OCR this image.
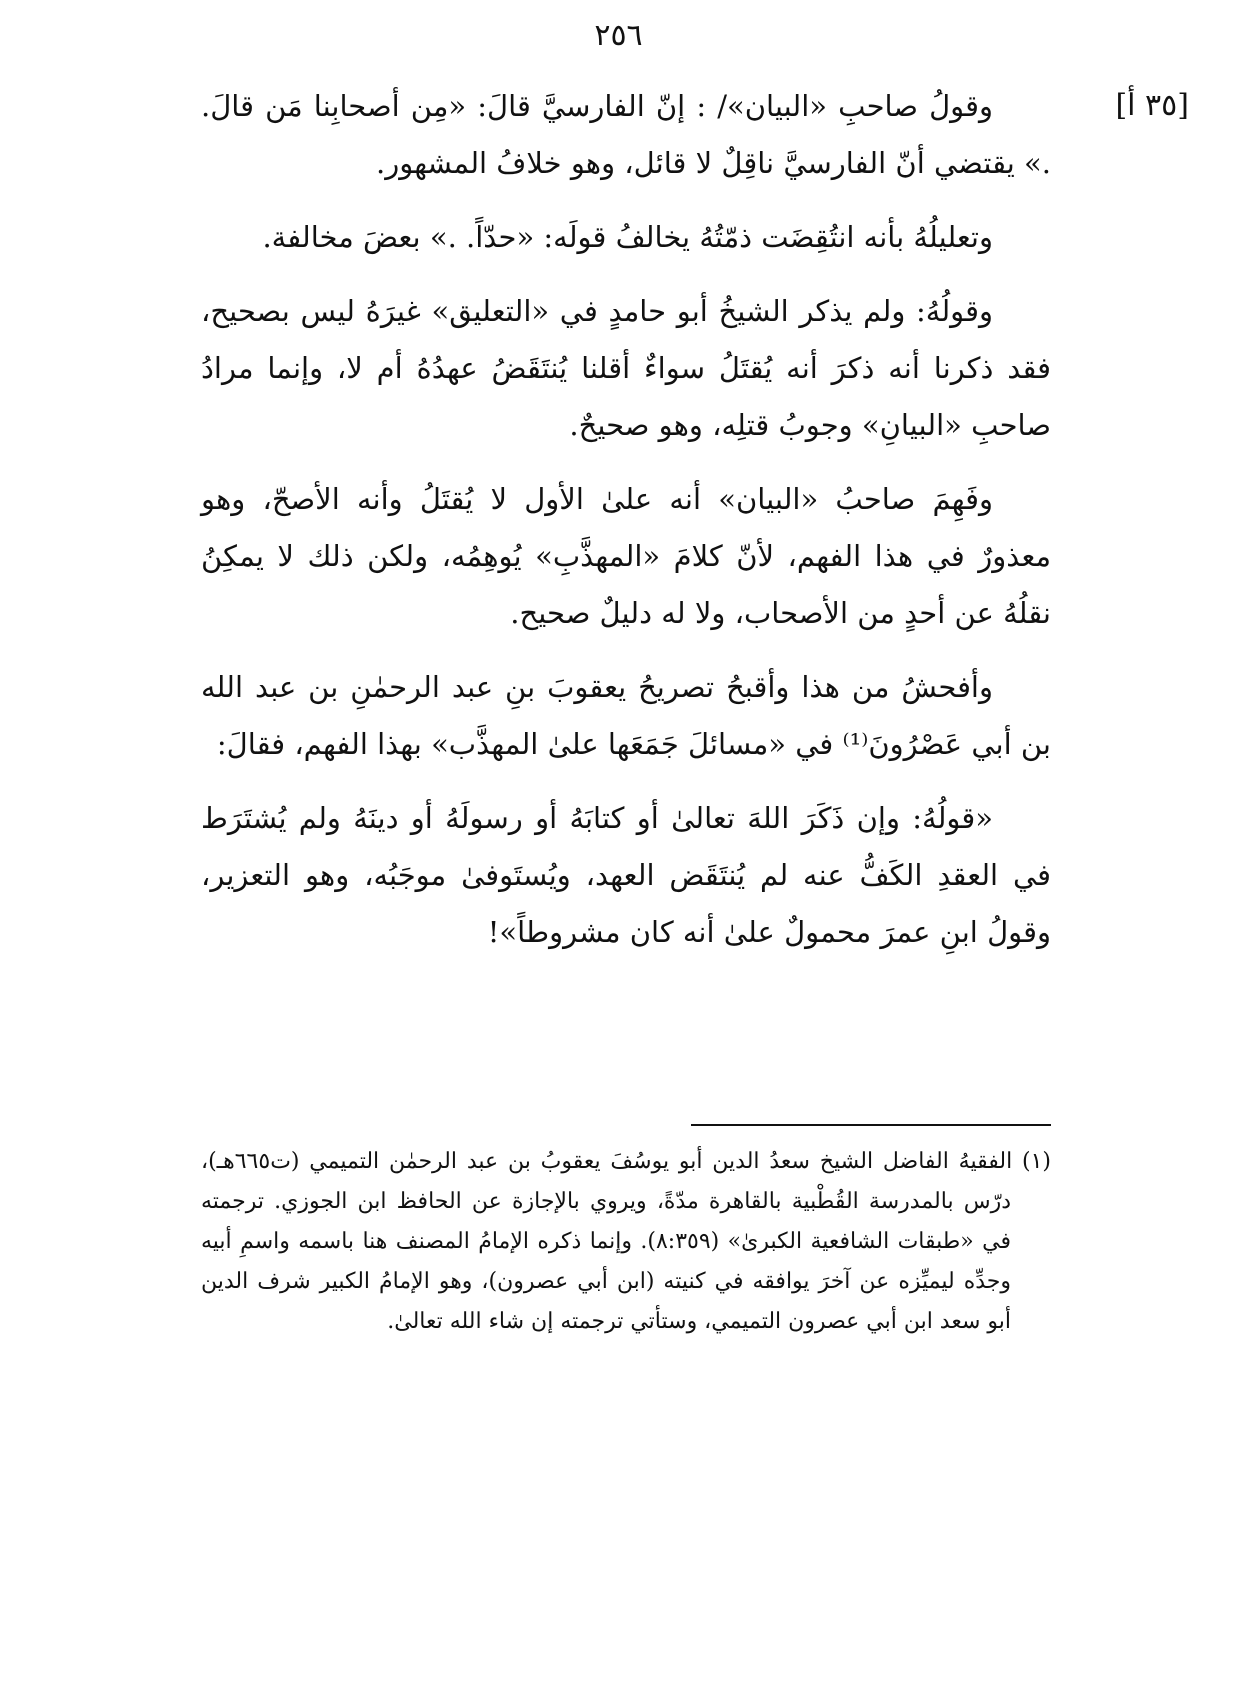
٢٥٦
[٣٥ أ]

وقولُ صاحبِ «البيان»/ : إنّ الفارسيَّ قالَ: «مِن أصحابِنا مَن قالَ. .» يقتضي أنّ الفارسيَّ ناقِلٌ لا قائل، وهو خلافُ المشهور.

وتعليلُهُ بأنه انتُقِضَت ذمّتُهُ يخالفُ قولَه: «حدّاً. .» بعضَ مخالفة.

وقولُهُ: ولم يذكر الشيخُ أبو حامدٍ في «التعليق» غيرَهُ ليس بصحيح، فقد ذكرنا أنه ذكرَ أنه يُقتَلُ سواءٌ أقلنا يُنتَقَضُ عهدُهُ أم لا، وإنما مرادُ صاحبِ «البيانِ» وجوبُ قتلِه، وهو صحيحٌ.

وفَهِمَ صاحبُ «البيان» أنه علىٰ الأول لا يُقتَلُ وأنه الأصحّ، وهو معذورٌ في هذا الفهم، لأنّ كلامَ «المهذَّبِ» يُوهِمُه، ولكن ذلك لا يمكِنُ نقلُهُ عن أحدٍ من الأصحاب، ولا له دليلٌ صحيح.

وأفحشُ من هذا وأقبحُ تصريحُ يعقوبَ بنِ عبد الرحمٰنِ بن عبد الله بن أبي عَصْرُونَ⁽¹⁾ في «مسائلَ جَمَعَها علىٰ المهذَّب» بهذا الفهم، فقالَ:

«قولُهُ: وإن ذَكَرَ اللهَ تعالىٰ أو كتابَهُ أو رسولَهُ أو دينَهُ ولم يُشتَرَط في العقدِ الكَفُّ عنه لم يُنتَقَض العهد، ويُستَوفىٰ موجَبُه، وهو التعزير، وقولُ ابنِ عمرَ محمولٌ علىٰ أنه كان مشروطاً»!

(١) الفقيهُ الفاضل الشيخ سعدُ الدين أبو يوسُفَ يعقوبُ بن عبد الرحمٰن التميمي (ت٦٦٥هـ)، درّس بالمدرسة القُطْبية بالقاهرة مدّةً، ويروي بالإجازة عن الحافظ ابن الجوزي. ترجمته في «طبقات الشافعية الكبرىٰ» (٨:٣٥٩). وإنما ذكره الإمامُ المصنف هنا باسمه واسمِ أبيه وجدِّه ليميِّزه عن آخرَ يوافقه في كنيته (ابن أبي عصرون)، وهو الإمامُ الكبير شرف الدين أبو سعد ابن أبي عصرون التميمي، وستأتي ترجمته إن شاء الله تعالىٰ.
